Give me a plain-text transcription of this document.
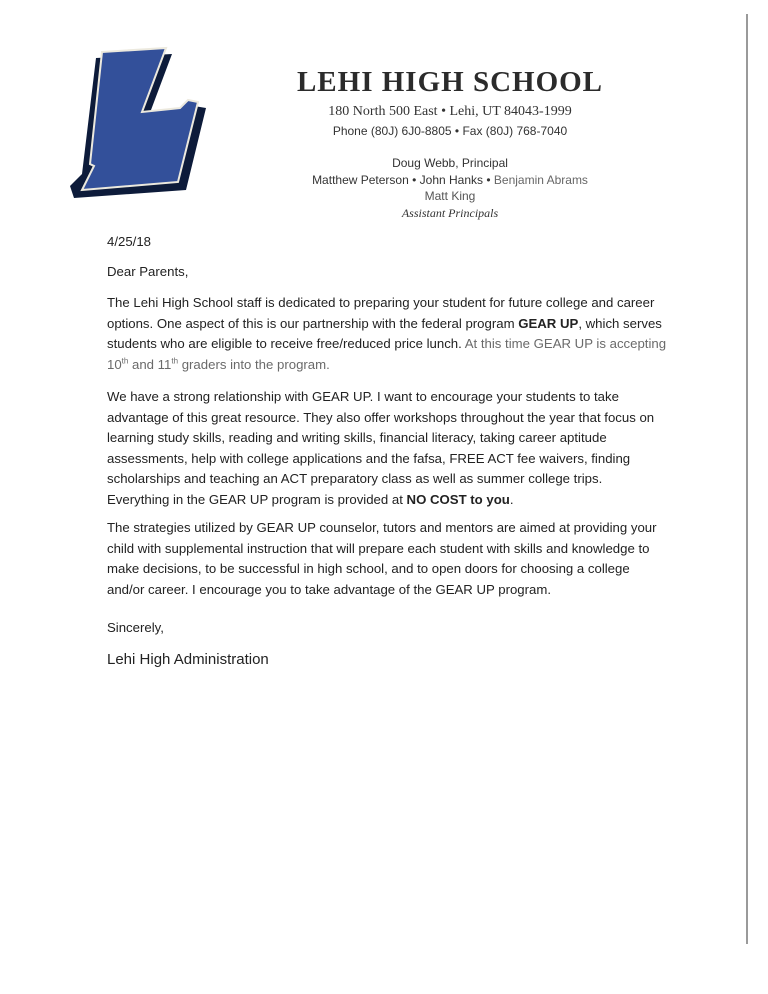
LEHI HIGH SCHOOL
180 North 500 East • Lehi, UT 84043-1999
Phone (80J) 6J0-8805 • Fax (80J) 768-7040
Doug Webb, Principal
Matthew Peterson • John Hanks • Benjamin Abrams
Matt King
Assistant Principals
4/25/18
Dear Parents,
The Lehi High School staff is dedicated to preparing your student for future college and career options. One aspect of this is our partnership with the federal program GEAR UP, which serves students who are eligible to receive free/reduced price lunch. At this time GEAR UP is accepting 10th and 11th graders into the program.
We have a strong relationship with GEAR UP. I want to encourage your students to take advantage of this great resource. They also offer workshops throughout the year that focus on learning study skills, reading and writing skills, financial literacy, taking career aptitude assessments, help with college applications and the fafsa, FREE ACT fee waivers, finding scholarships and teaching an ACT preparatory class as well as summer college trips. Everything in the GEAR UP program is provided at NO COST to you.
The strategies utilized by GEAR UP counselor, tutors and mentors are aimed at providing your child with supplemental instruction that will prepare each student with skills and knowledge to make decisions, to be successful in high school, and to open doors for choosing a college and/or career. I encourage you to take advantage of the GEAR UP program.
Sincerely,
Lehi High Administration
